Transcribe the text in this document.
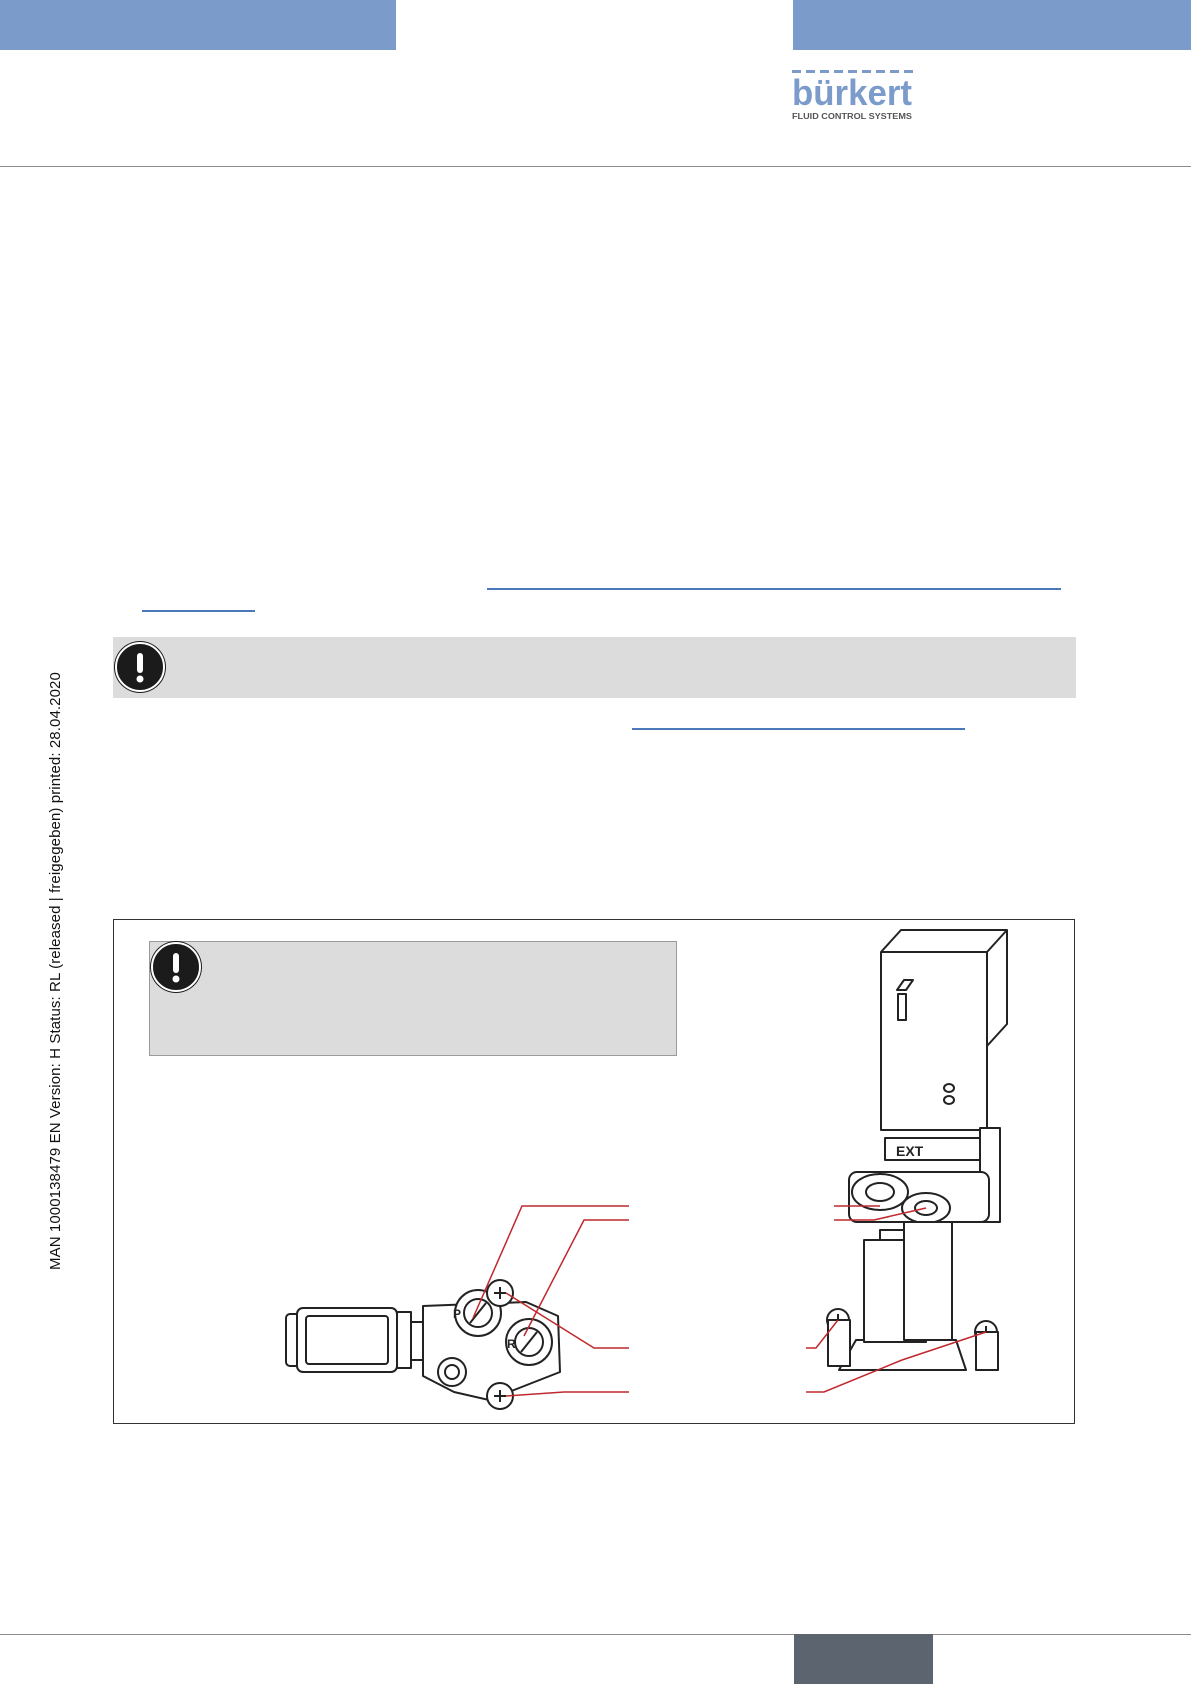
bürkert
FLUID CONTROL SYSTEMS
MAN 1000138479 EN Version: H Status: RL (released | freigegeben) printed: 28.04.2020
P
R
EXT
